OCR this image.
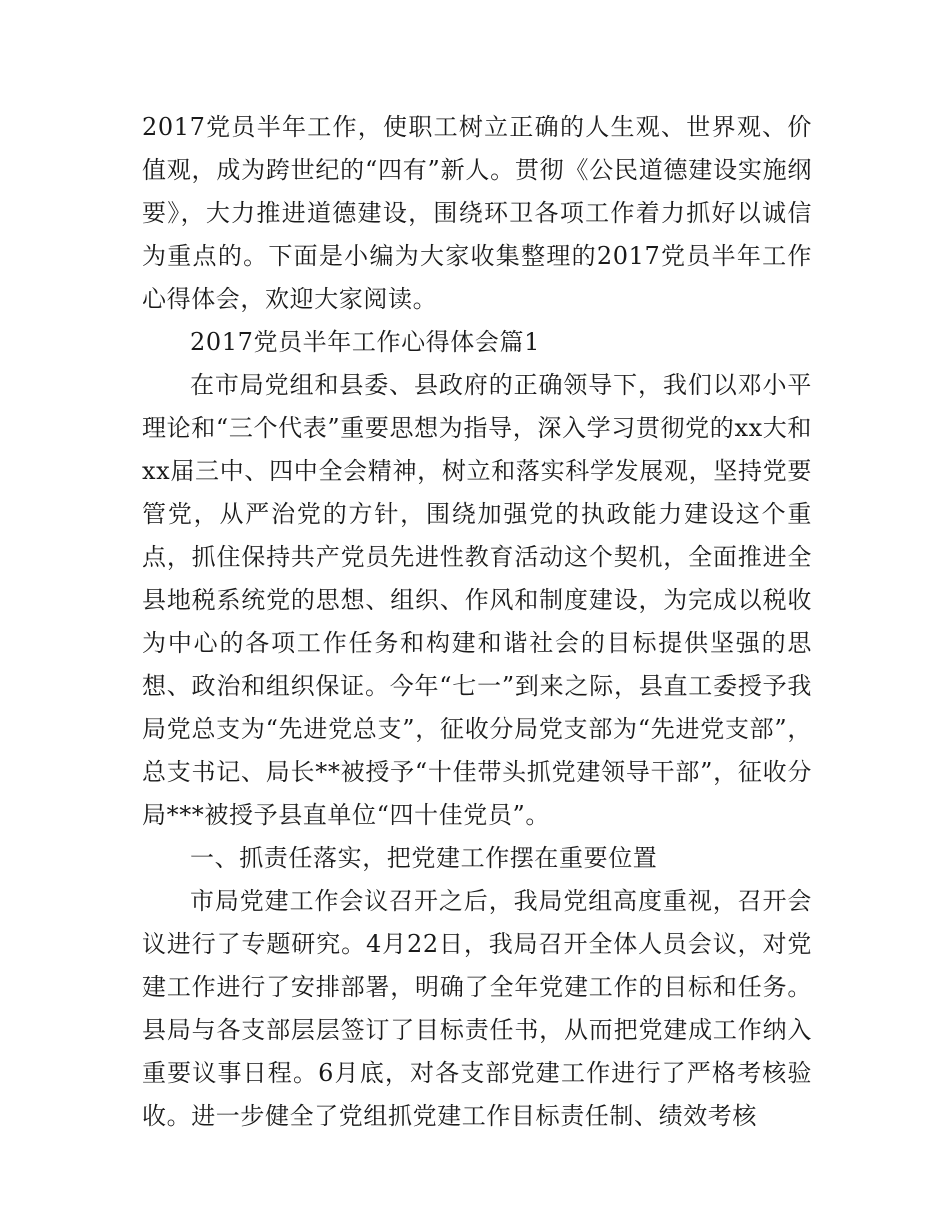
2017党员半年工作，使职工树立正确的人生观、世界观、价值观，成为跨世纪的“四有”新人。贯彻《公民道德建设实施纲要》，大力推进道德建设，围绕环卫各项工作着力抓好以诚信为重点的。下面是小编为大家收集整理的2017党员半年工作心得体会，欢迎大家阅读。

2017党员半年工作心得体会篇1

在市局党组和县委、县政府的正确领导下，我们以邓小平理论和“三个代表”重要思想为指导，深入学习贯彻党的xx大和xx届三中、四中全会精神，树立和落实科学发展观，坚持党要管党，从严治党的方针，围绕加强党的执政能力建设这个重点，抓住保持共产党员先进性教育活动这个契机，全面推进全县地税系统党的思想、组织、作风和制度建设，为完成以税收为中心的各项工作任务和构建和谐社会的目标提供坚强的思想、政治和组织保证。今年“七一”到来之际，县直工委授予我局党总支为“先进党总支”，征收分局党支部为“先进党支部”，总支书记、局长**被授予“十佳带头抓党建领导干部”，征收分局***被授予县直单位“四十佳党员”。

一、抓责任落实，把党建工作摆在重要位置

市局党建工作会议召开之后，我局党组高度重视，召开会议进行了专题研究。4月22日，我局召开全体人员会议，对党建工作进行了安排部署，明确了全年党建工作的目标和任务。县局与各支部层层签订了目标责任书，从而把党建成工作纳入重要议事日程。6月底，对各支部党建工作进行了严格考核验收。进一步健全了党组抓党建工作目标责任制、绩效考核
